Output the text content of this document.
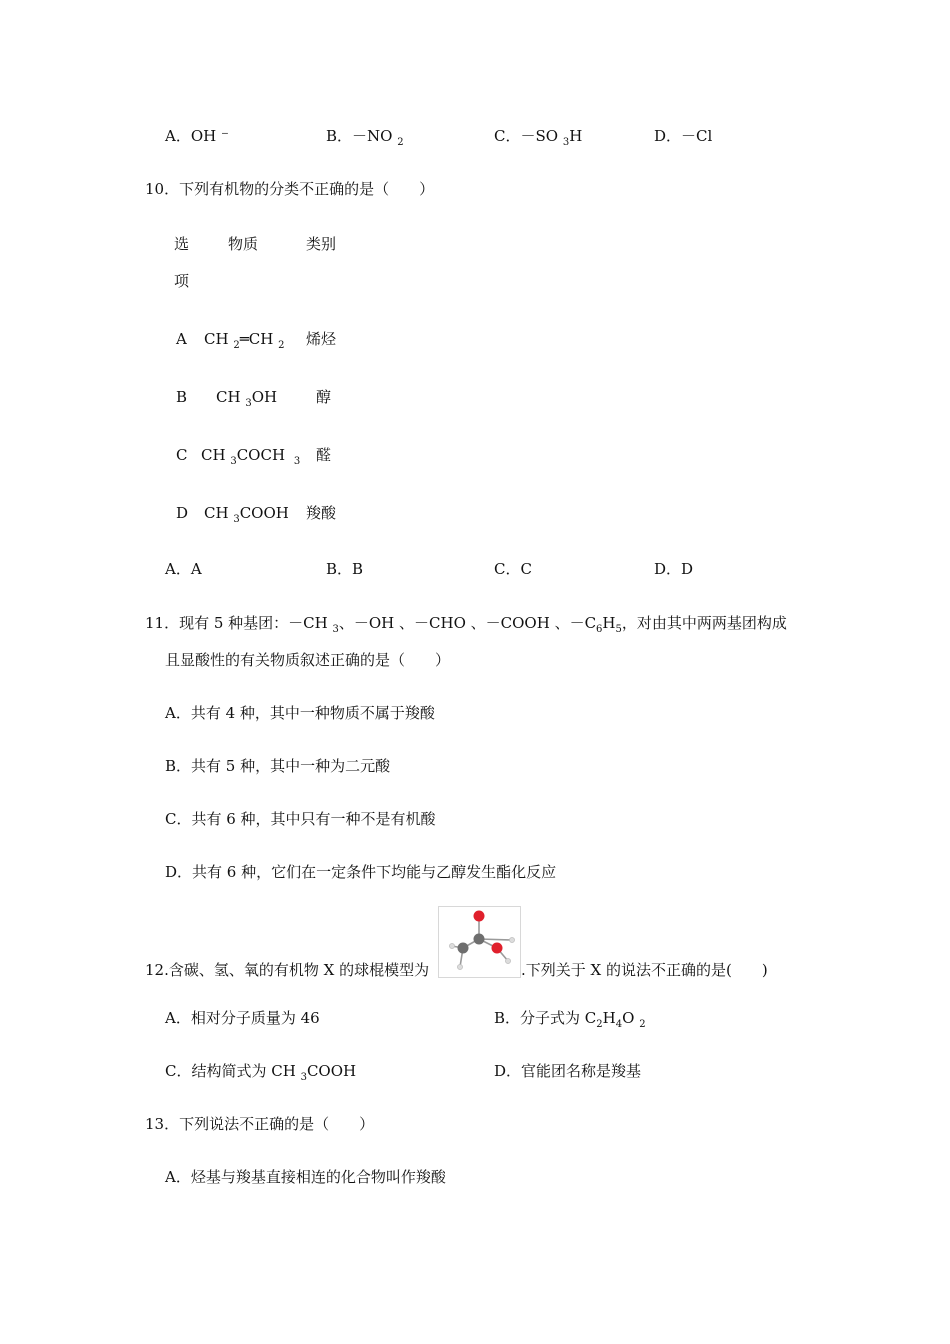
A．OH ⁻	B．－NO $_2$	C．－SO $_3$H	D．－Cl
10．下列有机物的分类不正确的是（　　）
选
项
物质	类别
A CH $_2$═CH $_2$ 烯烃
B CH $_3$OH	醇
C CH $_3$COCH $_3$ 醛
D CH $_3$COOH 羧酸
A．A	B．B	C．C	D．D
11．现有 5 种基团：－CH $_3$、－OH 、－CHO 、－COOH 、$-C_6H_5$，对由其中两两基团构成
且显酸性的有关物质叙述正确的是（　　）
A．共有 4 种，其中一种物质不属于羧酸
B．共有 5 种，其中一种为二元酸
C．共有 6 种，其中只有一种不是有机酸
D．共有 6 种，它们在一定条件下均能与乙醇发生酯化反应
12.含碳、氢、氧的有机物 X 的球棍模型为	.下列关于 X 的说法不正确的是(　　)
A．相对分子质量为 46	B．分子式为 $C_2H_4O$ $_2$
C．结构简式为 CH $_3$COOH	D．官能团名称是羧基
13．下列说法不正确的是（　　）
A．烃基与羧基直接相连的化合物叫作羧酸
